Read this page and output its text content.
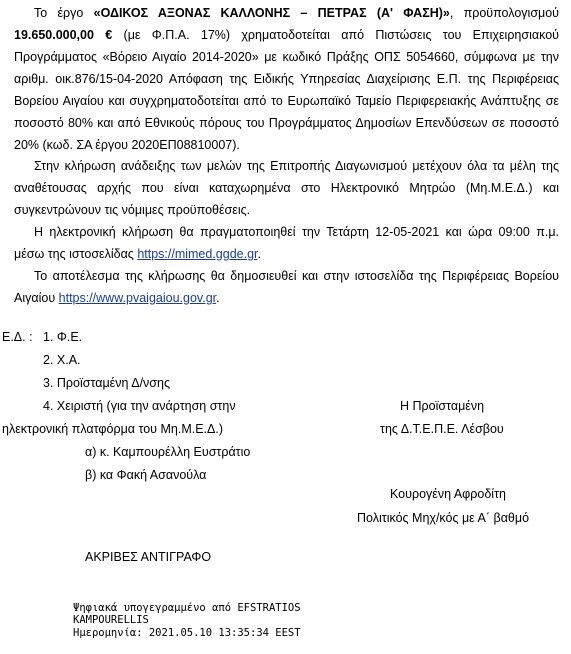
Το έργο «ΟΔΙΚΟΣ ΑΞΟΝΑΣ ΚΑΛΛΟΝΗΣ – ΠΕΤΡΑΣ (Α' ΦΑΣΗ)», προϋπολογισμού 19.650.000,00 € (με Φ.Π.Α. 17%) χρηματοδοτείται από Πιστώσεις του Επιχειρησιακού Προγράμματος «Βόρειο Αιγαίο 2014-2020» με κωδικό Πράξης ΟΠΣ 5054660, σύμφωνα με την αριθμ. οικ.876/15-04-2020 Απόφαση της Ειδικής Υπηρεσίας Διαχείρισης Ε.Π. της Περιφέρειας Βορείου Αιγαίου και συγχρηματοδοτείται από το Ευρωπαϊκό Ταμείο Περιφερειακής Ανάπτυξης σε ποσοστό 80% και από Εθνικούς πόρους του Προγράμματος Δημοσίων Επενδύσεων σε ποσοστό 20% (κωδ. ΣΑ έργου 2020ΕΠ08810007).

Στην κλήρωση ανάδειξης των μελών της Επιτροπής Διαγωνισμού μετέχουν όλα τα μέλη της αναθέτουσας αρχής που είναι καταχωρημένα στο Ηλεκτρονικό Μητρώο (Μη.Μ.Ε.Δ.) και συγκεντρώνουν τις νόμιμες προϋποθέσεις.

Η ηλεκτρονική κλήρωση θα πραγματοποιηθεί την Τετάρτη 12-05-2021 και ώρα 09:00 π.μ. μέσω της ιστοσελίδας https://mimed.ggde.gr.

Το αποτέλεσμα της κλήρωσης θα δημοσιευθεί και στην ιστοσελίδα της Περιφέρειας Βορείου Αιγαίου https://www.pvaigaiou.gov.gr.

Ε.Δ. : 1. Φ.Ε.
2. Χ.Α.
3. Προϊσταμένη Δ/νσης
4. Χειριστή (για την ανάρτηση στην
ηλεκτρονική πλατφόρμα του Μη.Μ.Ε.Δ.)
α) κ. Καμπουρέλλη Ευστράτιο
β) κα Φακή Ασανούλα
Η Προϊσταμένη
της Δ.Τ.Ε.Π.Ε. Λέσβου
Κουρογένη Αφροδίτη
Πολιτικός Μηχ/κός με Α΄ βαθμό
ΑΚΡΙΒΕΣ ΑΝΤΙΓΡΑΦΟ
Ψηφιακά υπογεγραμμένο από EFSTRATIOS
KAMPOURELLIS
Ημερομηνία: 2021.05.10 13:35:34 EEST
